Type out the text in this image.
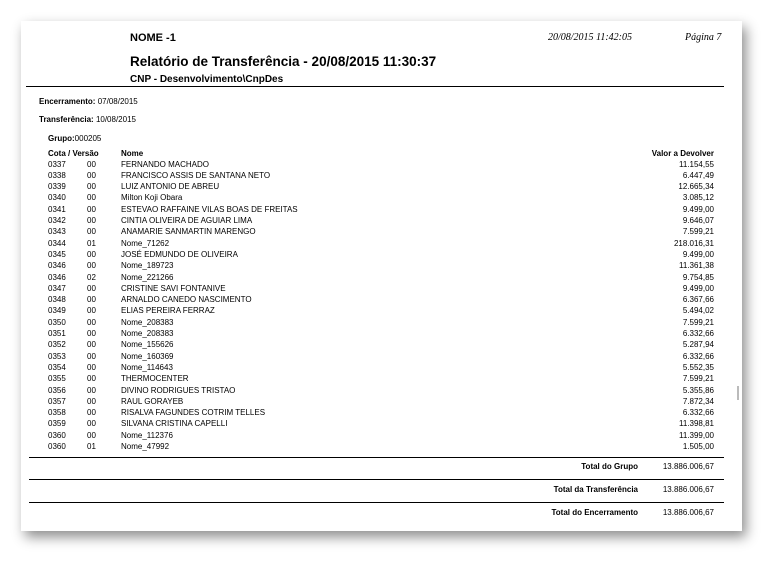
NOME -1	20/08/2015 11:42:05	Página 7
Relatório de Transferência - 20/08/2015 11:30:37
CNP - Desenvolvimento\CnpDes
Encerramento: 07/08/2015
Transferência: 10/08/2015
Grupo:000205
Cota / Versão	Nome	Valor a Devolver
0337	00	FERNANDO MACHADO	11.154,55
0338	00	FRANCISCO ASSIS DE SANTANA NETO	6.447,49
0339	00	LUIZ ANTONIO DE ABREU	12.665,34
0340	00	Milton Koji Obara	3.085,12
0341	00	ESTEVAO RAFFAINE VILAS BOAS DE FREITAS	9.499,00
0342	00	CINTIA OLIVEIRA DE AGUIAR LIMA	9.646,07
0343	00	ANAMARIE SANMARTIN MARENGO	7.599,21
0344	01	Nome_71262	218.016,31
0345	00	JOSÉ EDMUNDO DE OLIVEIRA	9.499,00
0346	00	Nome_189723	11.361,38
0346	02	Nome_221266	9.754,85
0347	00	CRISTINE SAVI FONTANIVE	9.499,00
0348	00	ARNALDO CANEDO NASCIMENTO	6.367,66
0349	00	ELIAS PEREIRA FERRAZ	5.494,02
0350	00	Nome_208383	7.599,21
0351	00	Nome_208383	6.332,66
0352	00	Nome_155626	5.287,94
0353	00	Nome_160369	6.332,66
0354	00	Nome_114643	5.552,35
0355	00	THERMOCENTER	7.599,21
0356	00	DIVINO RODRIGUES TRISTAO	5.355,86
0357	00	RAUL GORAYEB	7.872,34
0358	00	RISALVA FAGUNDES COTRIM TELLES	6.332,66
0359	00	SILVANA CRISTINA CAPELLI	11.398,81
0360	00	Nome_112376	11.399,00
0360	01	Nome_47992	1.505,00
Total do Grupo	13.886.006,67
Total da Transferência	13.886.006,67
Total do Encerramento	13.886.006,67
